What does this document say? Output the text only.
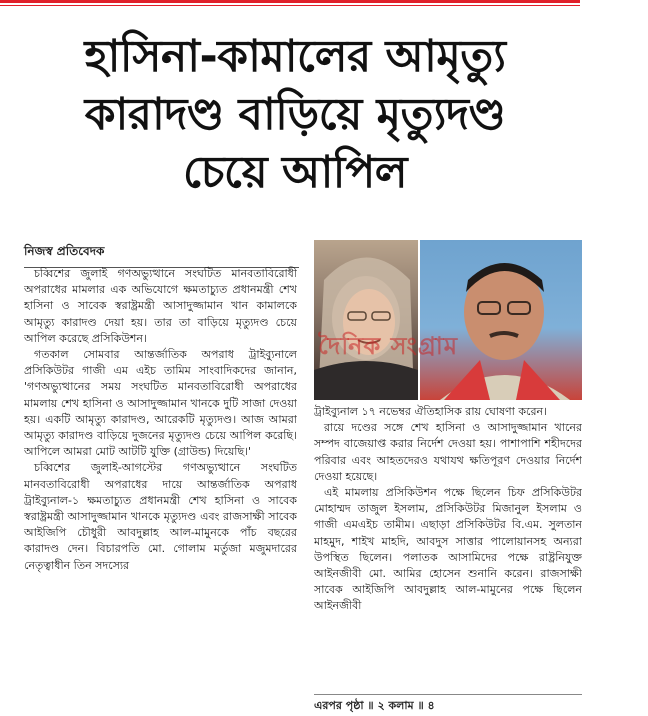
হাসিনা-কামালের আমৃত্যু
কারাদণ্ড বাড়িয়ে মৃত্যুদণ্ড
চেয়ে আপিল
নিজস্ব প্রতিবেদক

চব্বিশের জুলাই গণঅভ্যুত্থানে সংঘটিত মানবতাবিরোধী অপরাধের মামলার এক অভিযোগে ক্ষমতাচ্যুত প্রধানমন্ত্রী শেখ হাসিনা ও সাবেক স্বরাষ্ট্রমন্ত্রী আসাদুজ্জামান খান কামালকে আমৃত্যু কারাদণ্ড দেয়া হয়। তার তা বাড়িয়ে মৃত্যুদণ্ড চেয়ে আপিল করেছে প্রসিকিউশন।

গতকাল সোমবার আন্তর্জাতিক অপরাধ ট্রাইব্যুনালে প্রসিকিউটর গাজী এম এইচ তামিম সাংবাদিকদের জানান, 'গণঅভ্যুত্থানের সময় সংঘটিত মানবতাবিরোধী অপরাধের মামলায় শেখ হাসিনা ও আসাদুজ্জামান খানকে দুটি সাজা দেওয়া হয়। একটি আমৃত্যু কারাদণ্ড, আরেকটি মৃত্যুদণ্ড। আজ আমরা আমৃত্যু কারাদণ্ড বাড়িয়ে দুজনের মৃত্যুদণ্ড চেয়ে আপিল করেছি। আপিলে আমরা মোট আটটি যুক্তি (গ্রাউন্ড) দিয়েছি।'

চব্বিশের জুলাই-আগস্টের গণঅভ্যুত্থানে সংঘটিত মানবতাবিরোধী অপরাধের দায়ে আন্তর্জাতিক অপরাধ ট্রাইব্যুনাল-১ ক্ষমতাচ্যুত প্রধানমন্ত্রী শেখ হাসিনা ও সাবেক স্বরাষ্ট্রমন্ত্রী আসাদুজ্জামান খানকে মৃত্যুদণ্ড এবং রাজসাক্ষী সাবেক আইজিপি চৌধুরী আবদুল্লাহ আল-মামুনকে পাঁচ বছরের কারাদণ্ড দেন। বিচারপতি মো. গোলাম মর্তুজা মজুমদারের নেতৃত্বাধীন তিন সদস্যের

দৈনিক সংগ্রাম

ট্রাইব্যুনাল ১৭ নভেম্বর ঐতিহাসিক রায় ঘোষণা করেন।

রায়ে দণ্ডের সঙ্গে শেখ হাসিনা ও আসাদুজ্জামান খানের সম্পদ বাজেয়াপ্ত করার নির্দেশ দেওয়া হয়। পাশাপাশি শহীদদের পরিবার এবং আহতদেরও যথাযথ ক্ষতিপূরণ দেওয়ার নির্দেশ দেওয়া হয়েছে।

এই মামলায় প্রসিকিউশন পক্ষে ছিলেন চিফ প্রসিকিউটর মোহাম্মদ তাজুল ইসলাম, প্রসিকিউটর মিজানুল ইসলাম ও গাজী এমএইচ তামীম। এছাড়া প্রসিকিউটর বি.এম. সুলতান মাহমুদ, শাইখ মাহদি, আবদুস সাত্তার পালোয়ানসহ অন্যরা উপস্থিত ছিলেন। পলাতক আসামিদের পক্ষে রাষ্ট্রনিযুক্ত আইনজীবী মো. আমির হোসেন শুনানি করেন। রাজসাক্ষী সাবেক আইজিপি আবদুল্লাহ আল-মামুনের পক্ষে ছিলেন আইনজীবী

এরপর পৃষ্ঠা ॥ ২ কলাম ॥ ৪
